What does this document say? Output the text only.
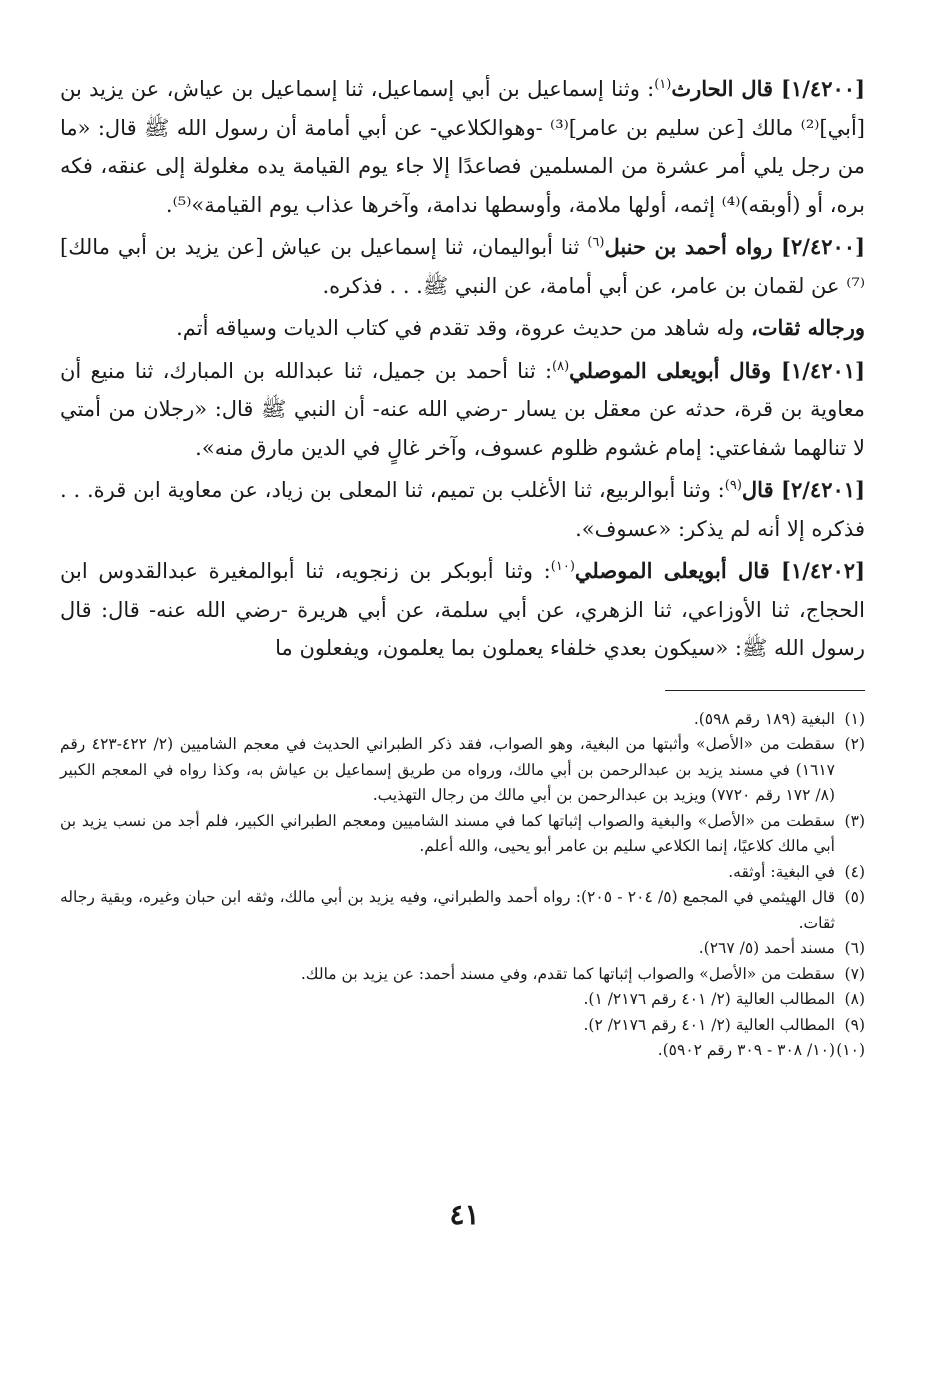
[١/٤٢٠٠] قال الحارث$^{(١)}$: وثنا إسماعيل بن أبي إسماعيل، ثنا إسماعيل بن عياش، عن يزيد بن [أبي]⁽²⁾ مالك [عن سليم بن عامر]⁽³⁾ -وهوالكلاعي- عن أبي أمامة أن رسول الله ﷺ قال: «ما من رجل يلي أمر عشرة من المسلمين فصاعدًا إلا جاء يوم القيامة يده مغلولة إلى عنقه، فكه بره، أو (أوبقه)⁽⁴⁾ إثمه، أولها ملامة، وأوسطها ندامة، وآخرها عذاب يوم القيامة»⁽⁵⁾.

[٢/٤٢٠٠] رواه أحمد بن حنبل$^{(٦)}$ ثنا أبواليمان، ثنا إسماعيل بن عياش [عن يزيد بن أبي مالك]⁽⁷⁾ عن لقمان بن عامر، عن أبي أمامة، عن النبي ﷺ. . . فذكره.

ورجاله ثقات، وله شاهد من حديث عروة، وقد تقدم في كتاب الديات وسياقه أتم.

[١/٤٢٠١] وقال أبويعلى الموصلي$^{(٨)}$: ثنا أحمد بن جميل، ثنا عبدالله بن المبارك، ثنا منيع أن معاوية بن قرة، حدثه عن معقل بن يسار -رضي الله عنه- أن النبي ﷺ قال: «رجلان من أمتي لا تنالهما شفاعتي: إمام غشوم ظلوم عسوف، وآخر غالٍ في الدين مارق منه».

[٢/٤٢٠١] قال$^{(٩)}$: وثنا أبوالربيع، ثنا الأغلب بن تميم، ثنا المعلى بن زياد، عن معاوية ابن قرة. . . فذكره إلا أنه لم يذكر: «عسوف».

[١/٤٢٠٢] قال أبويعلى الموصلي$^{(١٠)}$: وثنا أبوبكر بن زنجويه، ثنا أبوالمغيرة عبدالقدوس ابن الحجاج، ثنا الأوزاعي، ثنا الزهري، عن أبي سلمة، عن أبي هريرة -رضي الله عنه- قال: قال رسول الله ﷺ: «سيكون بعدي خلفاء يعملون بما يعلمون، ويفعلون ما

(١)
البغية (١٨٩ رقم ٥٩٨).
(٢)
سقطت من «الأصل» وأثبتها من البغية، وهو الصواب، فقد ذكر الطبراني الحديث في معجم الشاميين (٢/ ٤٢٢-٤٢٣ رقم ١٦١٧) في مسند يزيد بن عبدالرحمن بن أبي مالك، ورواه من طريق إسماعيل بن عياش به، وكذا رواه في المعجم الكبير (٨/ ١٧٢ رقم ٧٧٢٠) ويزيد بن عبدالرحمن بن أبي مالك من رجال التهذيب.
(٣)
سقطت من «الأصل» والبغية والصواب إثباتها كما في مسند الشاميين ومعجم الطبراني الكبير، فلم أجد من نسب يزيد بن أبي مالك كلاعيًا، إنما الكلاعي سليم بن عامر أبو يحيى، والله أعلم.
(٤)
في البغية: أوثقه.
(٥)
قال الهيثمي في المجمع (٥/ ٢٠٤ - ٢٠٥): رواه أحمد والطبراني، وفيه يزيد بن أبي مالك، وثقه ابن حبان وغيره، وبقية رجاله ثقات.
(٦)
مسند أحمد (٥/ ٢٦٧).
(٧)
سقطت من «الأصل» والصواب إثباتها كما تقدم، وفي مسند أحمد: عن يزيد بن مالك.
(٨)
المطالب العالية (٢/ ٤٠١ رقم ٢١٧٦/ ١).
(٩)
المطالب العالية (٢/ ٤٠١ رقم ٢١٧٦/ ٢).
(١٠)
(١٠/ ٣٠٨ - ٣٠٩ رقم ٥٩٠٢).
٤١
